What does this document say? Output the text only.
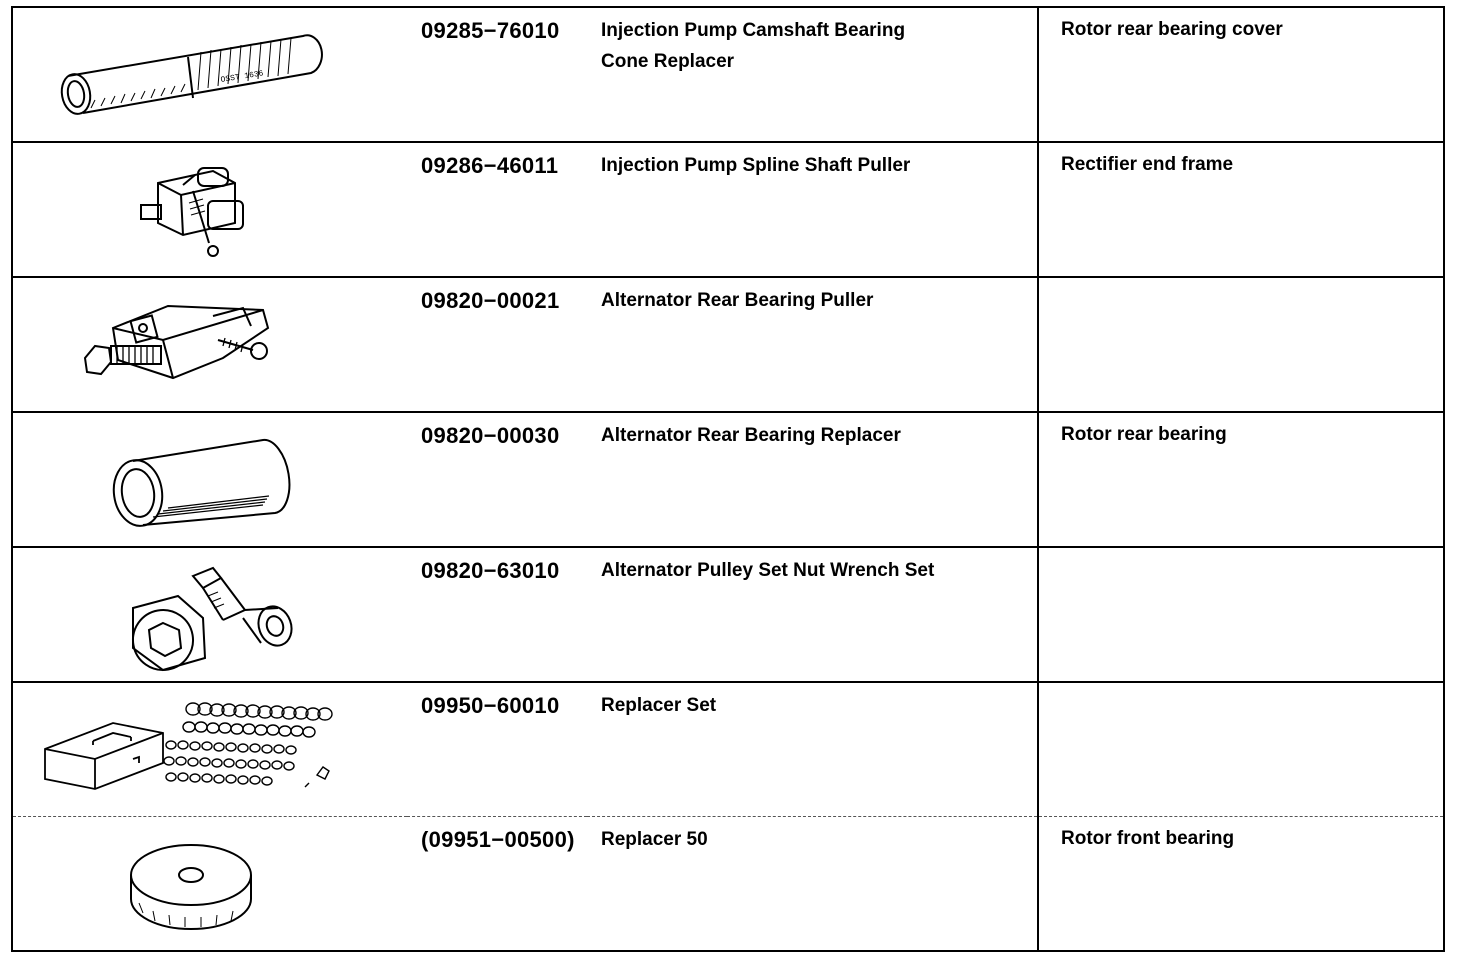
OSST 1636	09285−76010	Injection Pump Camshaft Bearing Cone Replacer	Rotor rear bearing cover

09286−46011	Injection Pump Spline Shaft Puller	Rectifier end frame

09820−00021	Alternator Rear Bearing Puller	

09820−00030	Alternator Rear Bearing Replacer	Rotor rear bearing

09820−63010	Alternator Pulley Set Nut Wrench Set	

09950−60010	Replacer Set	

(09951−00500)	Replacer 50	Rotor front bearing
